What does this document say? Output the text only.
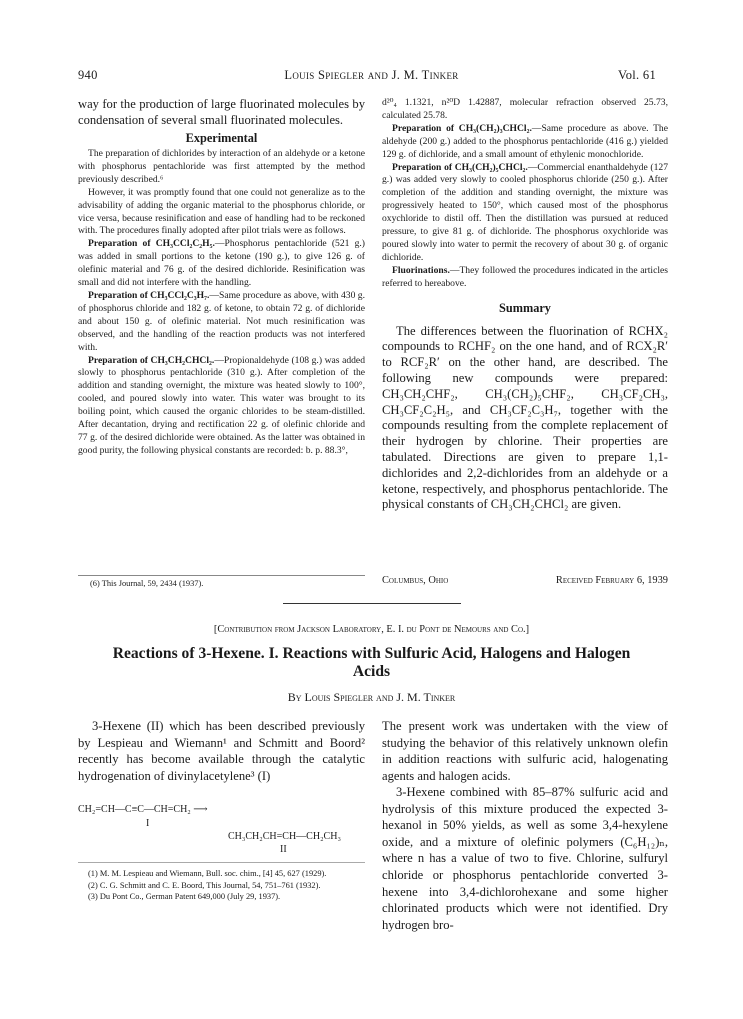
940	Louis Spiegler and J. M. Tinker	Vol. 61

way for the production of large fluorinated molecules by condensation of several small fluorinated molecules.

Experimental

The preparation of dichlorides by interaction of an aldehyde or a ketone with phosphorus pentachloride was first attempted by the method previously described.⁶

However, it was promptly found that one could not generalize as to the advisability of adding the organic material to the phosphorus chloride, or vice versa, because resinification and ease of handling had to be reckoned with. The procedures finally adopted after pilot trials were as follows.

Preparation of CH₃CCl₂C₂H₅.—Phosphorus pentachloride (521 g.) was added in small portions to the ketone (190 g.), to give 126 g. of olefinic material and 76 g. of the desired dichloride. Resinification was small and did not interfere with the handling.

Preparation of CH₃CCl₂C₃H₇.—Same procedure as above, with 430 g. of phosphorus chloride and 182 g. of ketone, to obtain 72 g. of dichloride and about 150 g. of olefinic material. Not much resinification was observed, and the handling of the reaction products was not interfered with.

Preparation of CH₃CH₂CHCl₂.—Propionaldehyde (108 g.) was added slowly to phosphorus pentachloride (310 g.). After completion of the addition and standing overnight, the mixture was heated slowly to 100°, cooled, and poured slowly into water. This water was brought to its boiling point, which caused the organic chlorides to be steam-distilled. After decantation, drying and rectification 22 g. of olefinic chloride and 77 g. of the desired dichloride were obtained. As the latter was obtained in good purity, the following physical constants are recorded: b. p. 88.3°,

(6) This Journal, 59, 2434 (1937).

d²⁰₄ 1.1321, n²⁰D 1.42887, molecular refraction observed 25.73, calculated 25.78.

Preparation of CH₃(CH₂)₃CHCl₂.—Same procedure as above. The aldehyde (200 g.) added to the phosphorus pentachloride (416 g.) yielded 129 g. of dichloride, and a small amount of ethylenic monochloride.

Preparation of CH₃(CH₂)₅CHCl₂.—Commercial enanthaldehyde (127 g.) was added very slowly to cooled phosphorus chloride (250 g.). After completion of the addition and standing overnight, the mixture was progressively heated to 150°, which caused most of the phosphorus oxychloride to distil off. Then the distillation was pursued at reduced pressure, to give 81 g. of dichloride. The phosphorus oxychloride was poured slowly into water to permit the recovery of about 30 g. of organic dichloride.

Fluorinations.—They followed the procedures indicated in the articles referred to hereabove.

Summary

The differences between the fluorination of RCHX₂ compounds to RCHF₂ on the one hand, and of RCX₂R′ to RCF₂R′ on the other hand, are described. The following new compounds were prepared: CH₃CH₂CHF₂, CH₃(CH₂)₅CHF₂, CH₃CF₂CH₃, CH₃CF₂C₂H₅, and CH₃CF₂C₃H₇, together with the compounds resulting from the complete replacement of their hydrogen by chlorine. Their properties are tabulated. Directions are given to prepare 1,1-dichlorides and 2,2-dichlorides from an aldehyde or a ketone, respectively, and phosphorus pentachloride. The physical constants of CH₃CH₂CHCl₂ are given.

Columbus, Ohio	Received February 6, 1939
[Contribution from Jackson Laboratory, E. I. du Pont de Nemours and Co.]
Reactions of 3-Hexene. I. Reactions with Sulfuric Acid, Halogens and Halogen
Acids
By Louis Spiegler and J. M. Tinker

3-Hexene (II) which has been described previously by Lespieau and Wiemann¹ and Schmitt and Boord² recently has become available through the catalytic hydrogenation of divinylacetylene³ (I)

CH₂=CH—C≡C—CH=CH₂ ⟶
I
CH₃CH₂CH=CH—CH₂CH₃
II

(1) M. M. Lespieau and Wiemann, Bull. soc. chim., [4] 45, 627 (1929).

(2) C. G. Schmitt and C. E. Boord, This Journal, 54, 751–761 (1932).

(3) Du Pont Co., German Patent 649,000 (July 29, 1937).

The present work was undertaken with the view of studying the behavior of this relatively unknown olefin in addition reactions with sulfuric acid, halogenating agents and halogen acids.

3-Hexene combined with 85–87% sulfuric acid and hydrolysis of this mixture produced the expected 3-hexanol in 50% yields, as well as some 3,4-hexylene oxide, and a mixture of olefinic polymers (C₆H₁₂)ₙ, where n has a value of two to five. Chlorine, sulfuryl chloride or phosphorus pentachloride converted 3-hexene into 3,4-dichlorohexane and some higher chlorinated products which were not identified. Dry hydrogen bro-
